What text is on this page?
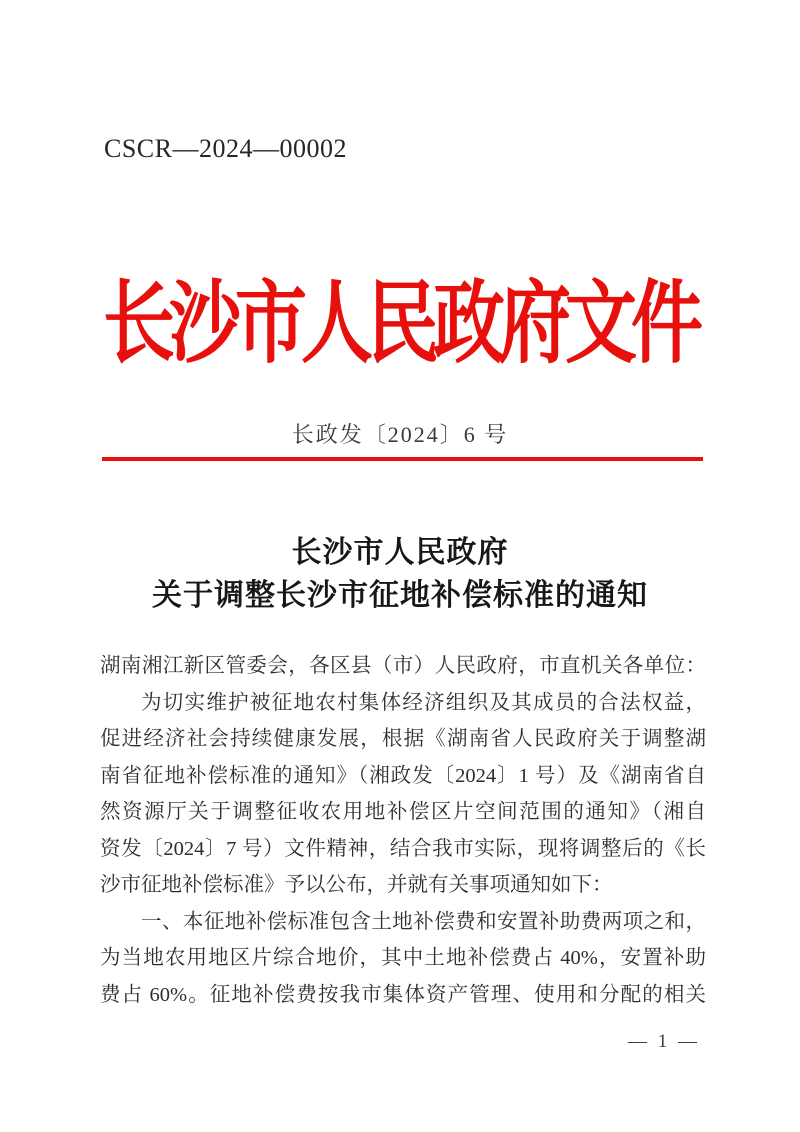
CSCR—2024—00002
长沙市人民政府文件
长政发〔2024〕6 号
长沙市人民政府
关于调整长沙市征地补偿标准的通知
湖南湘江新区管委会，各区县（市）人民政府，市直机关各单位：
为切实维护被征地农村集体经济组织及其成员的合法权益，
促进经济社会持续健康发展，根据《湖南省人民政府关于调整湖
南省征地补偿标准的通知》（湘政发〔2024〕1 号）及《湖南省自
然资源厅关于调整征收农用地补偿区片空间范围的通知》（湘自
资发〔2024〕7 号）文件精神，结合我市实际，现将调整后的《长
沙市征地补偿标准》予以公布，并就有关事项通知如下：
一、本征地补偿标准包含土地补偿费和安置补助费两项之和，
为当地农用地区片综合地价，其中土地补偿费占 40%，安置补助
费占 60%。征地补偿费按我市集体资产管理、使用和分配的相关
— 1 —
